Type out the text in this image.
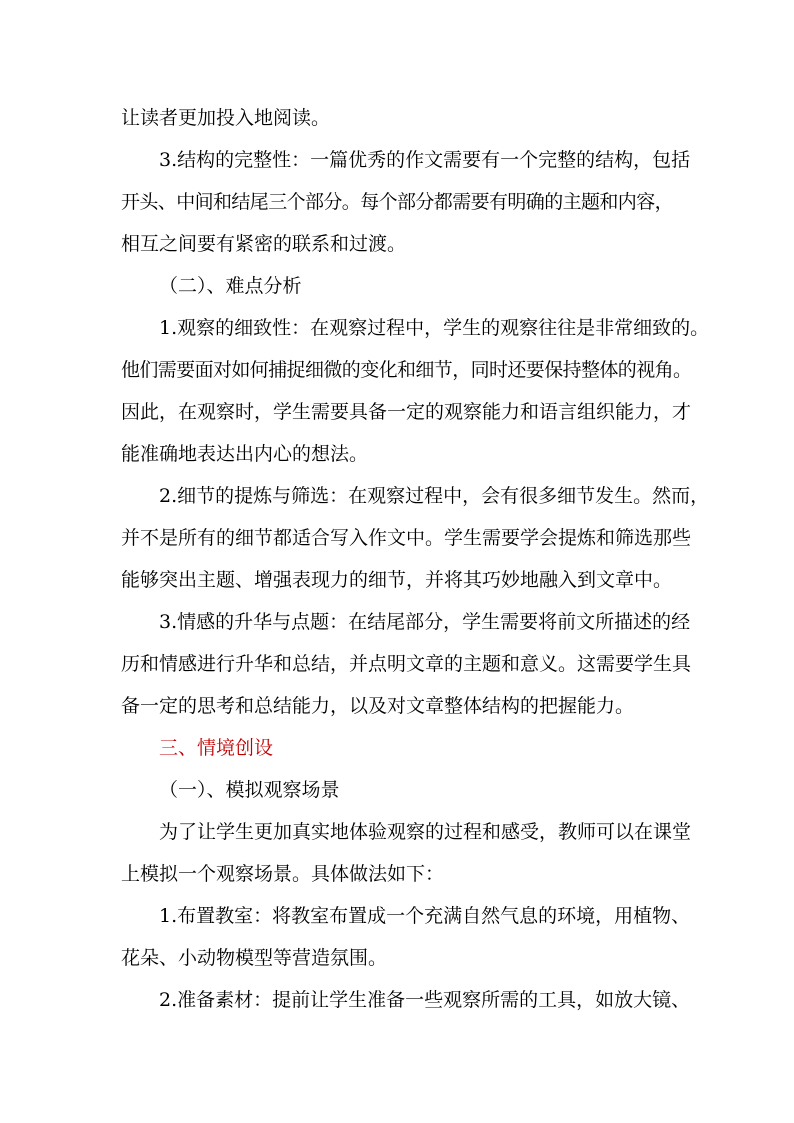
让读者更加投入地阅读。
3.结构的完整性：一篇优秀的作文需要有一个完整的结构，包括
开头、中间和结尾三个部分。每个部分都需要有明确的主题和内容，
相互之间要有紧密的联系和过渡。
（二）、难点分析
1.观察的细致性：在观察过程中，学生的观察往往是非常细致的。
他们需要面对如何捕捉细微的变化和细节，同时还要保持整体的视角。
因此，在观察时，学生需要具备一定的观察能力和语言组织能力，才
能准确地表达出内心的想法。
2.细节的提炼与筛选：在观察过程中，会有很多细节发生。然而，
并不是所有的细节都适合写入作文中。学生需要学会提炼和筛选那些
能够突出主题、增强表现力的细节，并将其巧妙地融入到文章中。
3.情感的升华与点题：在结尾部分，学生需要将前文所描述的经
历和情感进行升华和总结，并点明文章的主题和意义。这需要学生具
备一定的思考和总结能力，以及对文章整体结构的把握能力。
三、情境创设
（一）、模拟观察场景
为了让学生更加真实地体验观察的过程和感受，教师可以在课堂
上模拟一个观察场景。具体做法如下：
1.布置教室：将教室布置成一个充满自然气息的环境，用植物、
花朵、小动物模型等营造氛围。
2.准备素材：提前让学生准备一些观察所需的工具，如放大镜、
